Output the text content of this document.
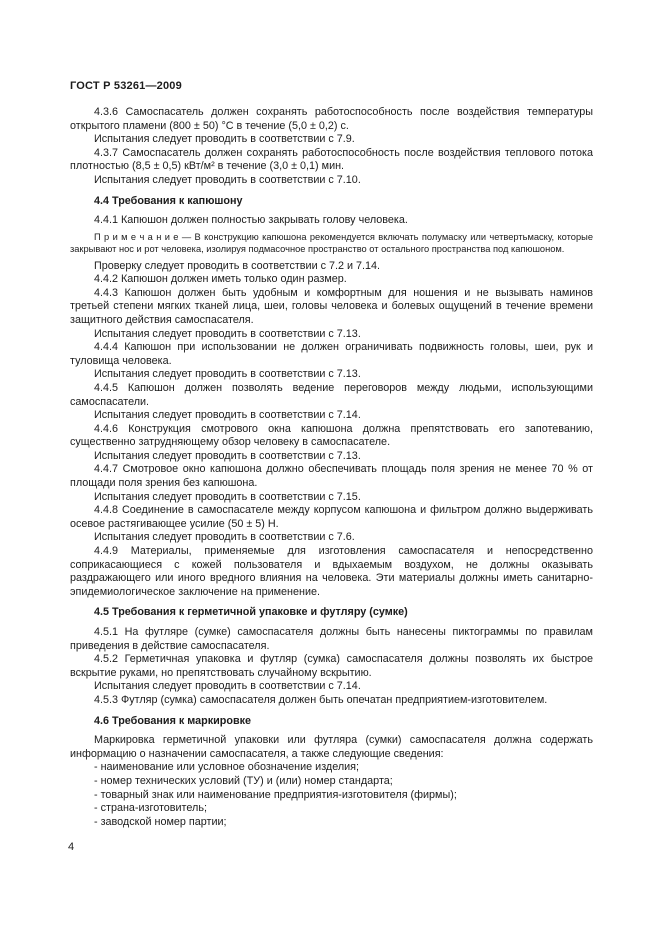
ГОСТ Р 53261—2009

4.3.6 Самоспасатель должен сохранять работоспособность после воздействия температуры открытого пламени (800 ± 50) °С в течение (5,0 ± 0,2) с.

Испытания следует проводить в соответствии с 7.9.

4.3.7 Самоспасатель должен сохранять работоспособность после воздействия теплового потока плотностью (8,5 ± 0,5) кВт/м² в течение (3,0 ± 0,1) мин.

Испытания следует проводить в соответствии с 7.10.

4.4 Требования к капюшону

4.4.1 Капюшон должен полностью закрывать голову человека.

П р и м е ч а н и е — В конструкцию капюшона рекомендуется включать полумаску или четвертьмаску, которые закрывают нос и рот человека, изолируя подмасочное пространство от остального пространства под капюшоном.

Проверку следует проводить в соответствии с 7.2 и 7.14.

4.4.2 Капюшон должен иметь только один размер.

4.4.3 Капюшон должен быть удобным и комфортным для ношения и не вызывать наминов третьей степени мягких тканей лица, шеи, головы человека и болевых ощущений в течение времени защитного действия самоспасателя.

Испытания следует проводить в соответствии с 7.13.

4.4.4 Капюшон при использовании не должен ограничивать подвижность головы, шеи, рук и туловища человека.

Испытания следует проводить в соответствии с 7.13.

4.4.5 Капюшон должен позволять ведение переговоров между людьми, использующими самоспасатели.

Испытания следует проводить в соответствии с 7.14.

4.4.6 Конструкция смотрового окна капюшона должна препятствовать его запотеванию, существенно затрудняющему обзор человеку в самоспасателе.

Испытания следует проводить в соответствии с 7.13.

4.4.7 Смотровое окно капюшона должно обеспечивать площадь поля зрения не менее 70 % от площади поля зрения без капюшона.

Испытания следует проводить в соответствии с 7.15.

4.4.8 Соединение в самоспасателе между корпусом капюшона и фильтром должно выдерживать осевое растягивающее усилие (50 ± 5) Н.

Испытания следует проводить в соответствии с 7.6.

4.4.9 Материалы, применяемые для изготовления самоспасателя и непосредственно соприкасающиеся с кожей пользователя и вдыхаемым воздухом, не должны оказывать раздражающего или иного вредного влияния на человека. Эти материалы должны иметь санитарно-эпидемиологическое заключение на применение.

4.5 Требования к герметичной упаковке и футляру (сумке)

4.5.1 На футляре (сумке) самоспасателя должны быть нанесены пиктограммы по правилам приведения в действие самоспасателя.

4.5.2 Герметичная упаковка и футляр (сумка) самоспасателя должны позволять их быстрое вскрытие руками, но препятствовать случайному вскрытию.

Испытания следует проводить в соответствии с 7.14.

4.5.3 Футляр (сумка) самоспасателя должен быть опечатан предприятием-изготовителем.

4.6 Требования к маркировке

Маркировка герметичной упаковки или футляра (сумки) самоспасателя должна содержать информацию о назначении самоспасателя, а также следующие сведения:

- наименование или условное обозначение изделия;

- номер технических условий (ТУ) и (или) номер стандарта;

- товарный знак или наименование предприятия-изготовителя (фирмы);

- страна-изготовитель;

- заводской номер партии;

4
